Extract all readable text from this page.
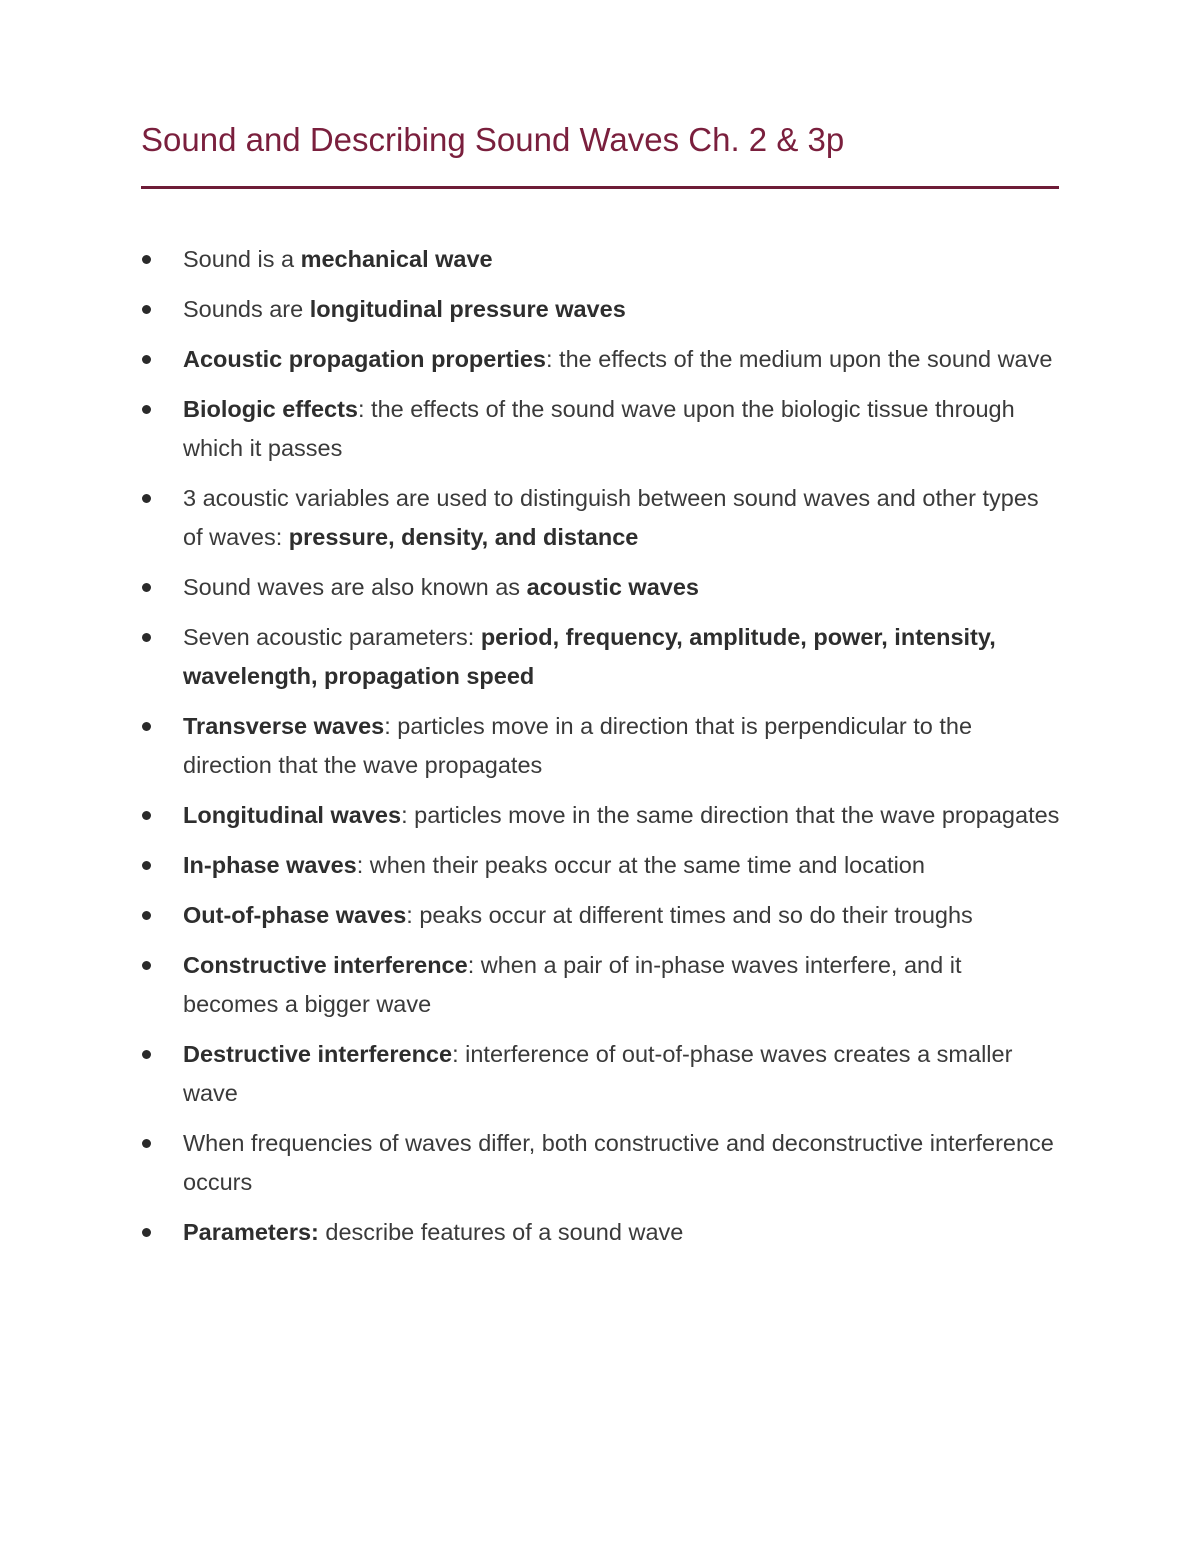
Sound and Describing Sound Waves Ch. 2 & 3p
Sound is a mechanical wave
Sounds are longitudinal pressure waves
Acoustic propagation properties: the effects of the medium upon the sound wave
Biologic effects: the effects of the sound wave upon the biologic tissue through which it passes
3 acoustic variables are used to distinguish between sound waves and other types of waves: pressure, density, and distance
Sound waves are also known as acoustic waves
Seven acoustic parameters: period, frequency, amplitude, power, intensity, wavelength, propagation speed
Transverse waves: particles move in a direction that is perpendicular to the direction that the wave propagates
Longitudinal waves: particles move in the same direction that the wave propagates
In-phase waves: when their peaks occur at the same time and location
Out-of-phase waves: peaks occur at different times and so do their troughs
Constructive interference: when a pair of in-phase waves interfere, and it becomes a bigger wave
Destructive interference: interference of out-of-phase waves creates a smaller wave
When frequencies of waves differ, both constructive and deconstructive interference occurs
Parameters: describe features of a sound wave
